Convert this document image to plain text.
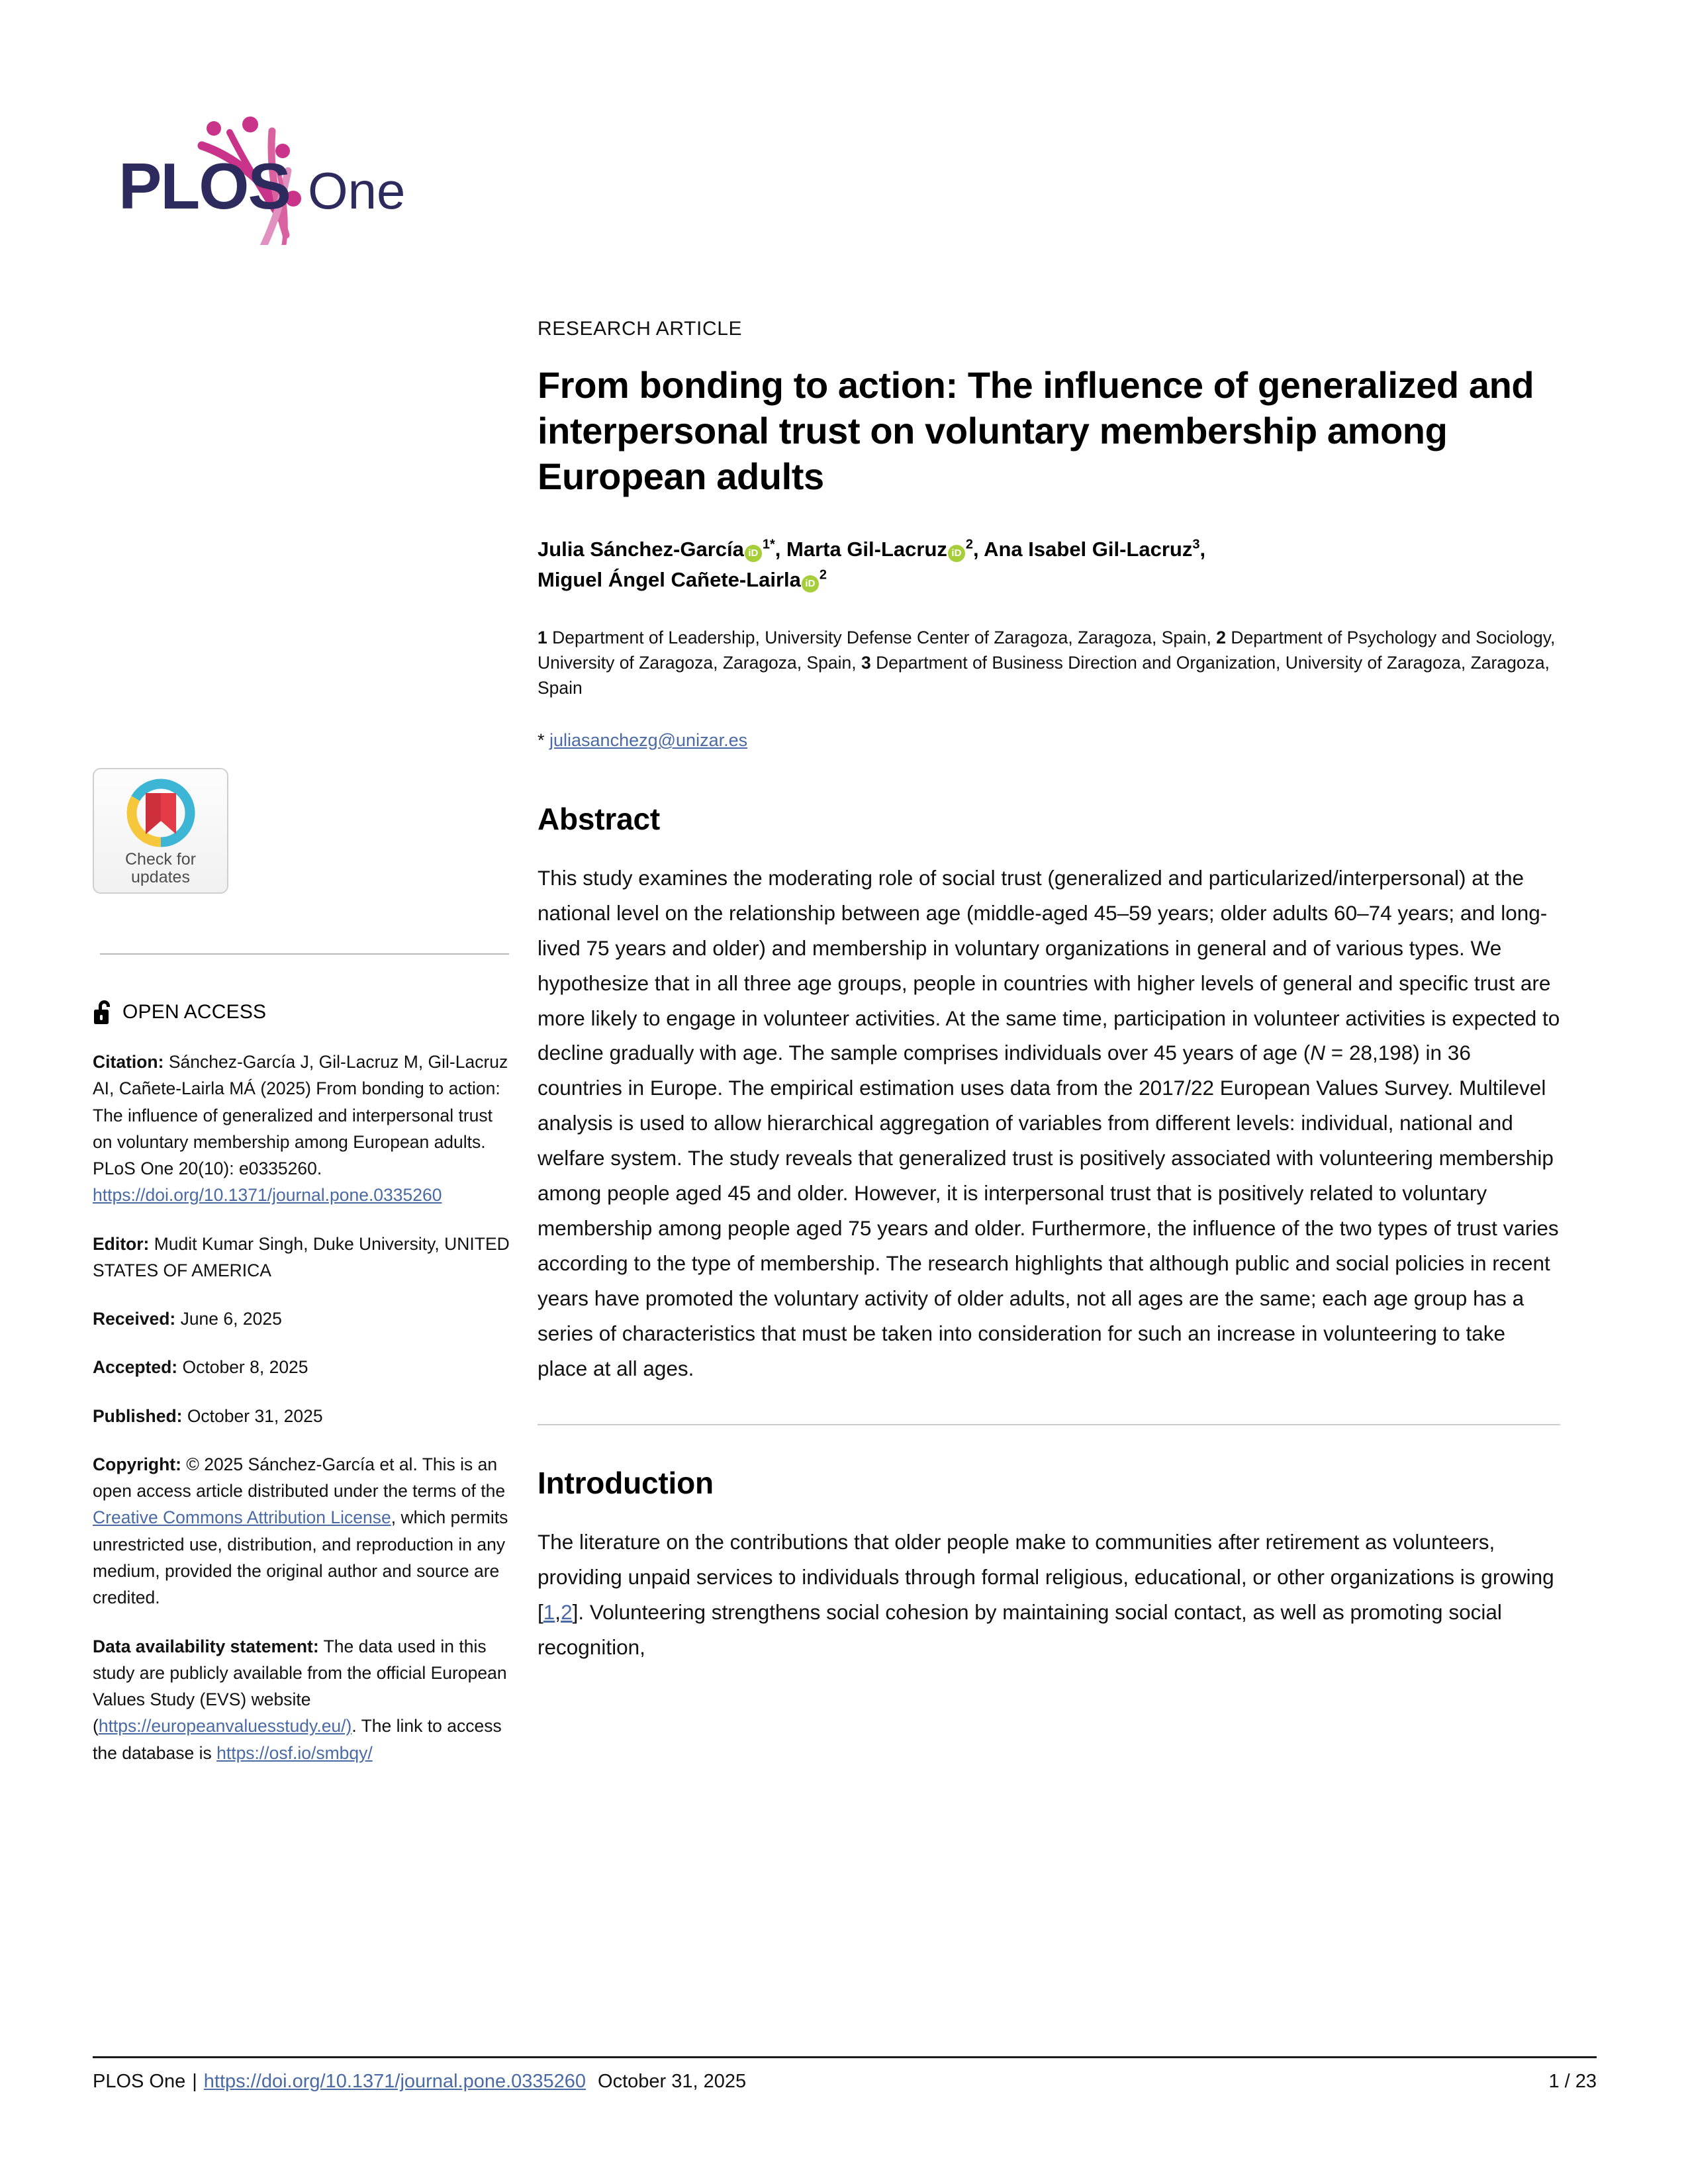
PLOS One
Check for
updates
OPEN ACCESS
Citation: Sánchez-García J, Gil-Lacruz M, Gil-Lacruz AI, Cañete-Lairla MÁ (2025) From bonding to action: The influence of generalized and interpersonal trust on voluntary membership among European adults. PLoS One 20(10): e0335260. https://doi.org/10.1371/journal.pone.0335260
Editor: Mudit Kumar Singh, Duke University, UNITED STATES OF AMERICA
Received: June 6, 2025
Accepted: October 8, 2025
Published: October 31, 2025
Copyright: © 2025 Sánchez-García et al. This is an open access article distributed under the terms of the Creative Commons Attribution License, which permits unrestricted use, distribution, and reproduction in any medium, provided the original author and source are credited.
Data availability statement: The data used in this study are publicly available from the official European Values Study (EVS) website (https://europeanvaluesstudy.eu/). The link to access the database is https://osf.io/smbqy/
RESEARCH ARTICLE
From bonding to action: The influence of generalized and interpersonal trust on voluntary membership among European adults
Julia Sánchez-García $iD^{1*}$, Marta Gil-Lacruz $iD^2$, Ana Isabel Gil-Lacruz$^3$,
Miguel Ángel Cañete-Lairla $iD^2$
1 Department of Leadership, University Defense Center of Zaragoza, Zaragoza, Spain, 2 Department of Psychology and Sociology, University of Zaragoza, Zaragoza, Spain, 3 Department of Business Direction and Organization, University of Zaragoza, Zaragoza, Spain
* juliasanchezg@unizar.es
Abstract
This study examines the moderating role of social trust (generalized and particularized/interpersonal) at the national level on the relationship between age (middle-aged 45–59 years; older adults 60–74 years; and long-lived 75 years and older) and membership in voluntary organizations in general and of various types. We hypothesize that in all three age groups, people in countries with higher levels of general and specific trust are more likely to engage in volunteer activities. At the same time, participation in volunteer activities is expected to decline gradually with age. The sample comprises individuals over 45 years of age (N = 28,198) in 36 countries in Europe. The empirical estimation uses data from the 2017/22 European Values Survey. Multilevel analysis is used to allow hierarchical aggregation of variables from different levels: individual, national and welfare system. The study reveals that generalized trust is positively associated with volunteering membership among people aged 45 and older. However, it is interpersonal trust that is positively related to voluntary membership among people aged 75 years and older. Furthermore, the influence of the two types of trust varies according to the type of membership. The research highlights that although public and social policies in recent years have promoted the voluntary activity of older adults, not all ages are the same; each age group has a series of characteristics that must be taken into consideration for such an increase in volunteering to take place at all ages.
Introduction
The literature on the contributions that older people make to communities after retirement as volunteers, providing unpaid services to individuals through formal religious, educational, or other organizations is growing [1,2]. Volunteering strengthens social cohesion by maintaining social contact, as well as promoting social recognition,
PLOS One | https://doi.org/10.1371/journal.pone.0335260 October 31, 2025	1 / 23
